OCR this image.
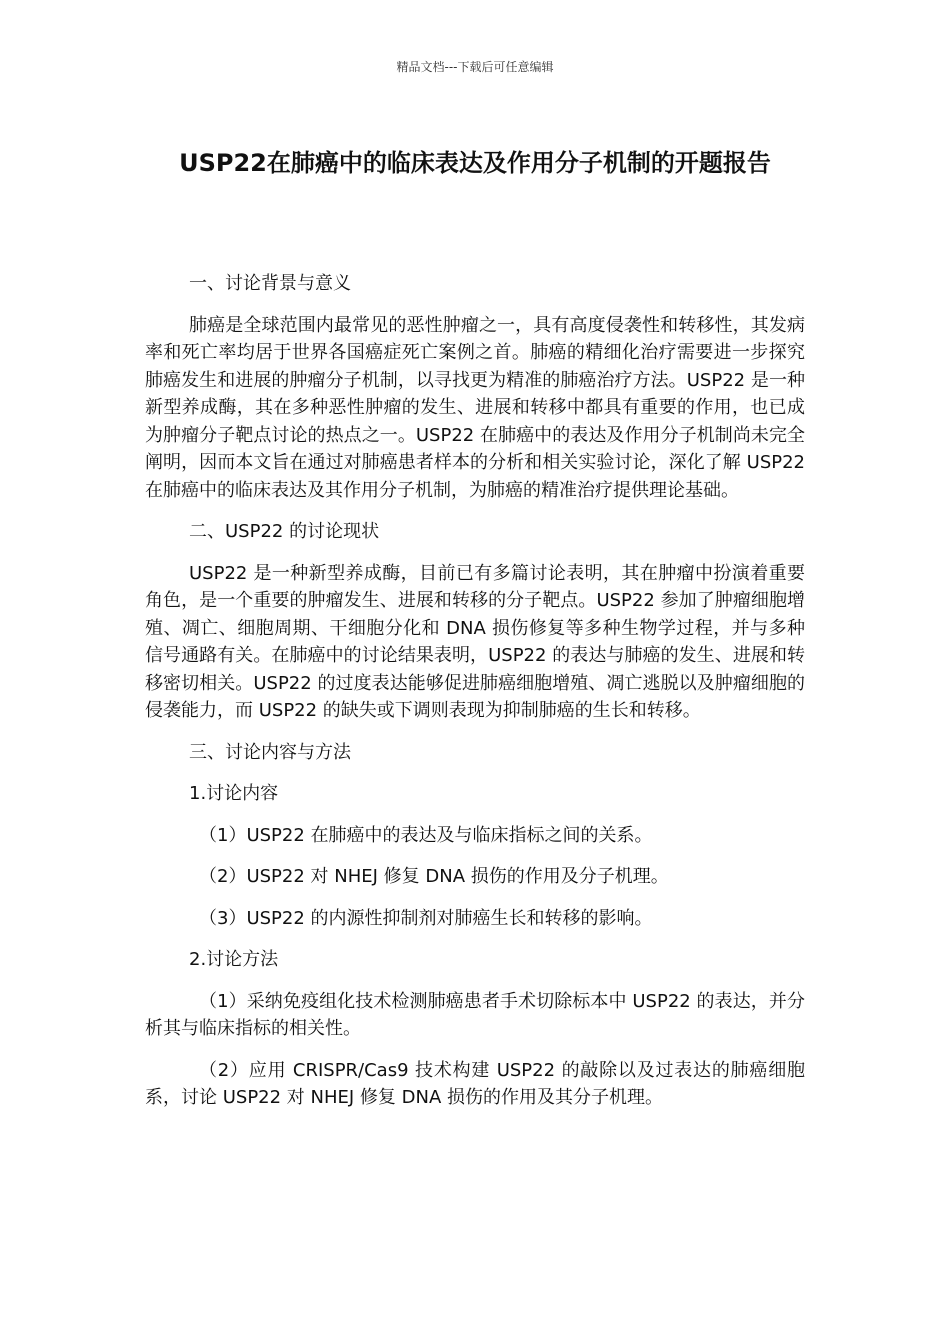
精品文档---下载后可任意编辑
USP22在肺癌中的临床表达及作用分子机制的开题报告

一、讨论背景与意义

肺癌是全球范围内最常见的恶性肿瘤之一，具有高度侵袭性和转移性，其发病率和死亡率均居于世界各国癌症死亡案例之首。肺癌的精细化治疗需要进一步探究肺癌发生和进展的肿瘤分子机制，以寻找更为精准的肺癌治疗方法。USP22 是一种新型养成酶，其在多种恶性肿瘤的发生、进展和转移中都具有重要的作用，也已成为肿瘤分子靶点讨论的热点之一。USP22 在肺癌中的表达及作用分子机制尚未完全阐明，因而本文旨在通过对肺癌患者样本的分析和相关实验讨论，深化了解 USP22 在肺癌中的临床表达及其作用分子机制，为肺癌的精准治疗提供理论基础。

二、USP22 的讨论现状

USP22 是一种新型养成酶，目前已有多篇讨论表明，其在肿瘤中扮演着重要角色，是一个重要的肿瘤发生、进展和转移的分子靶点。USP22 参加了肿瘤细胞增殖、凋亡、细胞周期、干细胞分化和 DNA 损伤修复等多种生物学过程，并与多种信号通路有关。在肺癌中的讨论结果表明，USP22 的表达与肺癌的发生、进展和转移密切相关。USP22 的过度表达能够促进肺癌细胞增殖、凋亡逃脱以及肿瘤细胞的侵袭能力，而 USP22 的缺失或下调则表现为抑制肺癌的生长和转移。

三、讨论内容与方法

1.讨论内容

（1）USP22 在肺癌中的表达及与临床指标之间的关系。

（2）USP22 对 NHEJ 修复 DNA 损伤的作用及分子机理。

（3）USP22 的内源性抑制剂对肺癌生长和转移的影响。

2.讨论方法

（1）采纳免疫组化技术检测肺癌患者手术切除标本中 USP22 的表达，并分析其与临床指标的相关性。

（2）应用 CRISPR/Cas9 技术构建 USP22 的敲除以及过表达的肺癌细胞系，讨论 USP22 对 NHEJ 修复 DNA 损伤的作用及其分子机理。
